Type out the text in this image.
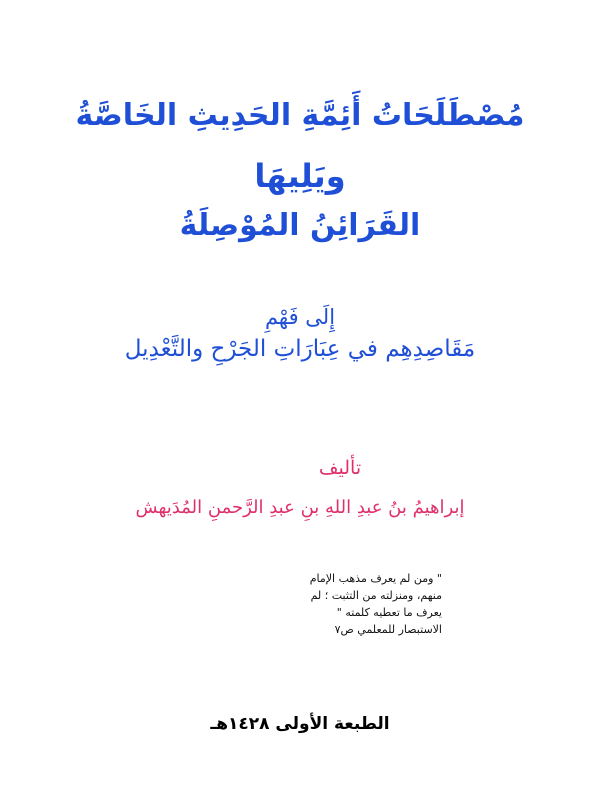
مُصْطَلَحَاتُ أَئِمَّةِ الحَدِيثِ الخَاصَّةُ
ويَلِيهَا
القَرَائِنُ المُوْصِلَةُ
إِلَى فَهْمِ
مَقَاصِدِهِم في عِبَارَاتِ الجَرْحِ والتَّعْدِيل
تأليف
إبراهيمُ بنُ عبدِ اللهِ بنِ عبدِ الرَّحمنِ المُدَيهش
" ومن لم يعرف مذهب الإمام
منهم، ومنزلته من التثبت ؛ لم
يعرف ما تعطيه كلمته "
الاستبصار للمعلمي ص٧
الطبعة الأولى ١٤٢٨هـ
